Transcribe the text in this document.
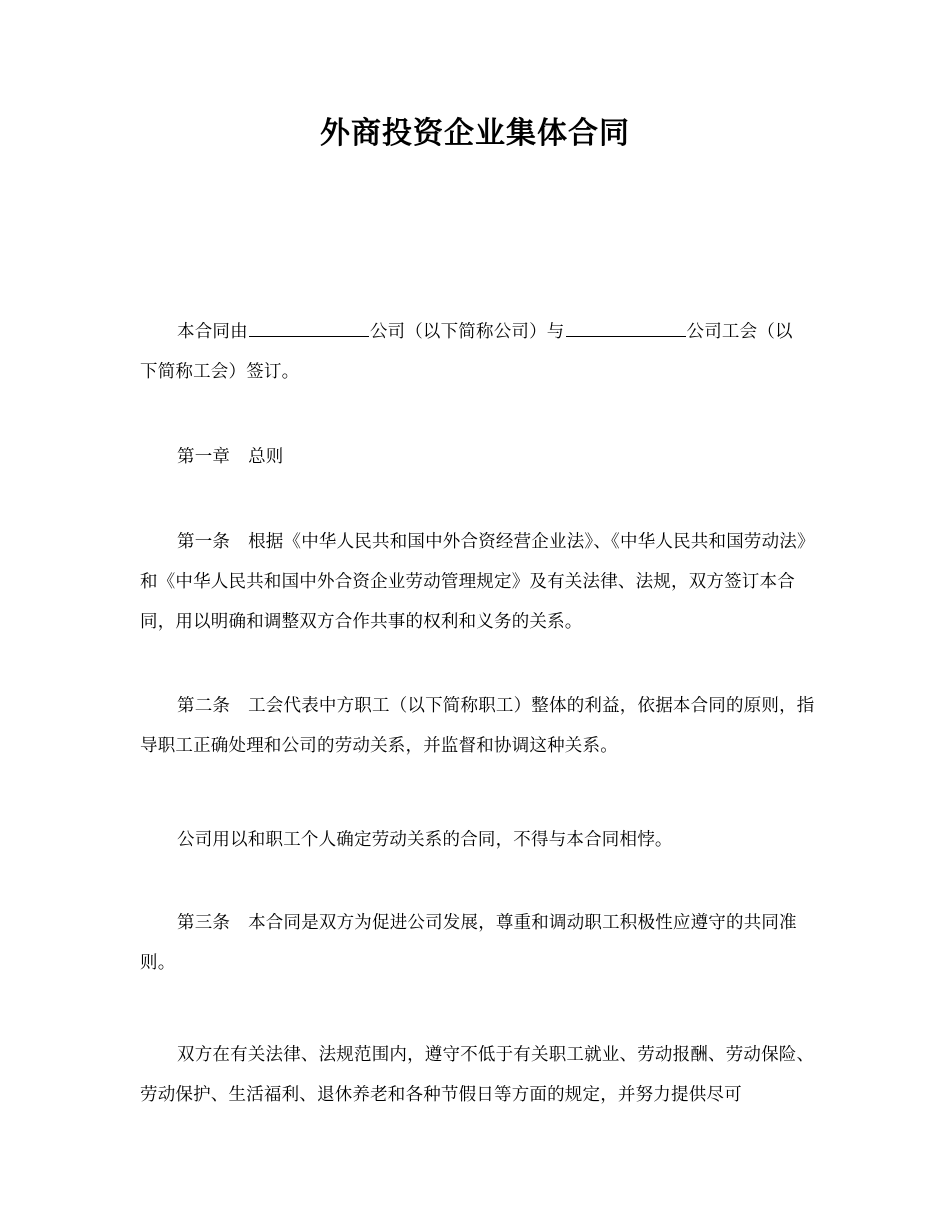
外商投资企业集体合同
本合同由	公司（以下简称公司）与	公司工会（以
下简称工会）签订。
第一章 总则
第一条 根据《中华人民共和国中外合资经营企业法》、《中华人民共和国劳动法》和《中华人民共和国中外合资企业劳动管理规定》及有关法律、法规，双方签订本合同，用以明确和调整双方合作共事的权利和义务的关系。
第二条 工会代表中方职工（以下简称职工）整体的利益，依据本合同的原则，指导职工正确处理和公司的劳动关系，并监督和协调这种关系。
公司用以和职工个人确定劳动关系的合同，不得与本合同相悖。
第三条 本合同是双方为促进公司发展，尊重和调动职工积极性应遵守的共同准则。
双方在有关法律、法规范围内，遵守不低于有关职工就业、劳动报酬、劳动保险、劳动保护、生活福利、退休养老和各种节假日等方面的规定，并努力提供尽可
